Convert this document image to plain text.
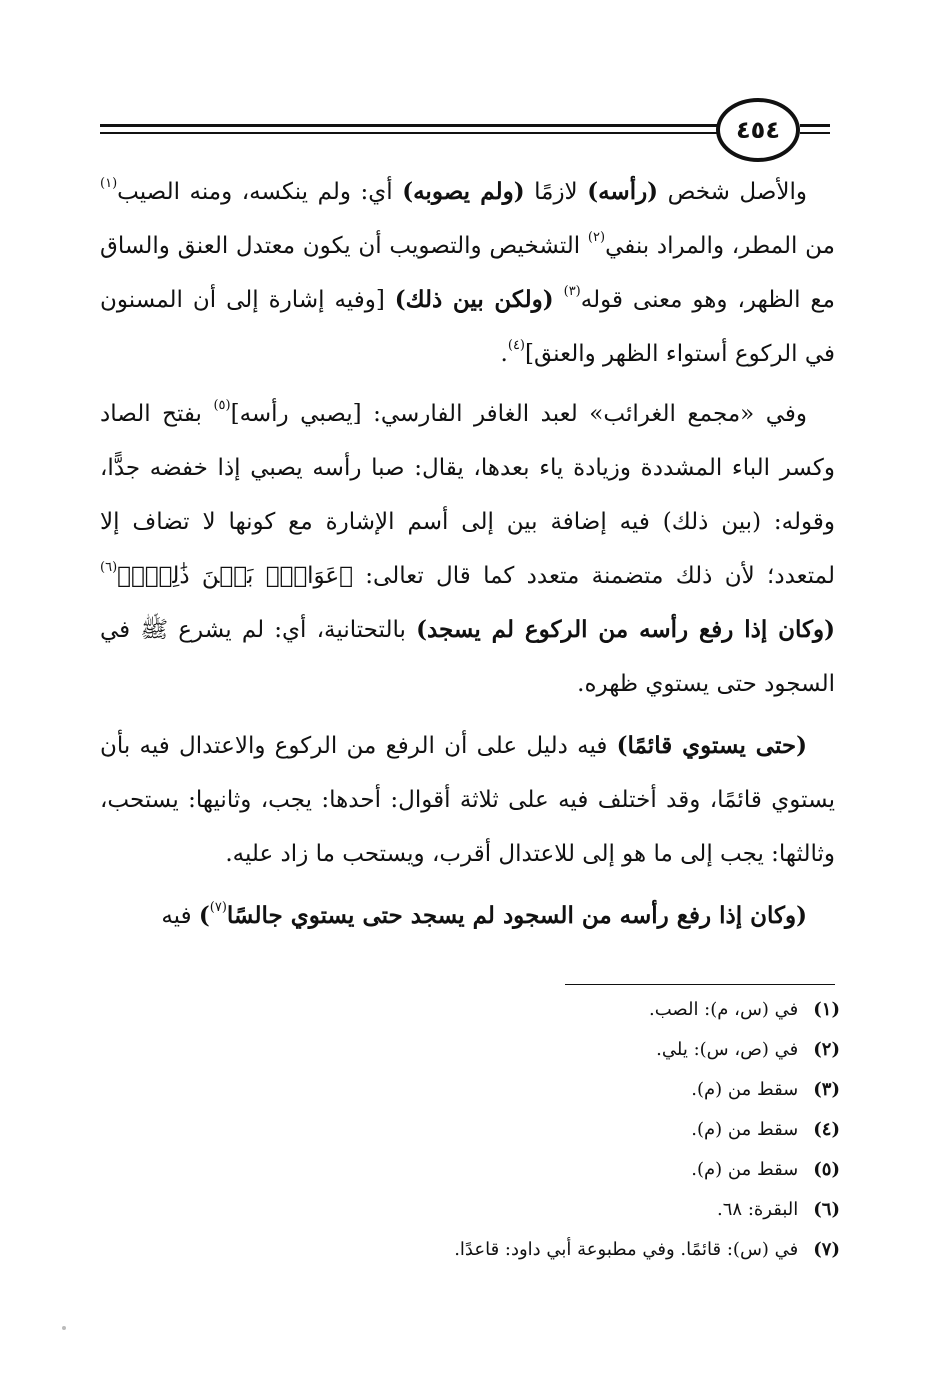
٤٥٤

والأصل شخص (رأسه) لازمًا (ولم يصوبه) أي: ولم ينكسه، ومنه الصيب$^{(١)}$ من المطر، والمراد بنفي$^{(٢)}$ التشخيص والتصويب أن يكون معتدل العنق والساق مع الظهر، وهو معنى قوله$^{(٣)}$ (ولكن بين ذلك) [وفيه إشارة إلى أن المسنون في الركوع أستواء الظهر والعنق]$^{(٤)}$.

وفي «مجمع الغرائب» لعبد الغافر الفارسي: [يصبي رأسه]$^{(٥)}$ بفتح الصاد وكسر الباء المشددة وزيادة ياء بعدها، يقال: صبا رأسه يصبي إذا خفضه جدًّا، وقوله: (بين ذلك) فيه إضافة بين إلى أسم الإشارة مع كونها لا تضاف إلا لمتعدد؛ لأن ذلك متضمنة متعدد كما قال تعالى: ﴿عَوَانٌۢ بَيۡنَ ذَٰلِكَۖ﴾$^{(٦)}$ (وكان إذا رفع رأسه من الركوع لم يسجد) بالتحتانية، أي: لم يشرع ﷺ في السجود حتى يستوي ظهره.

(حتى يستوي قائمًا) فيه دليل على أن الرفع من الركوع والاعتدال فيه بأن يستوي قائمًا، وقد أختلف فيه على ثلاثة أقوال: أحدها: يجب، وثانيها: يستحب، وثالثها: يجب إلى ما هو إلى للاعتدال أقرب، ويستحب ما زاد عليه.

(وكان إذا رفع رأسه من السجود لم يسجد حتى يستوي جالسًا$^{(٧)}$) فيه

(١) في (س، م): الصب.
(٢) في (ص، س): يلي.
(٣) سقط من (م).
(٤) سقط من (م).
(٥) سقط من (م).
(٦) البقرة: ٦٨.
(٧) في (س): قائمًا. وفي مطبوعة أبي داود: قاعدًا.
